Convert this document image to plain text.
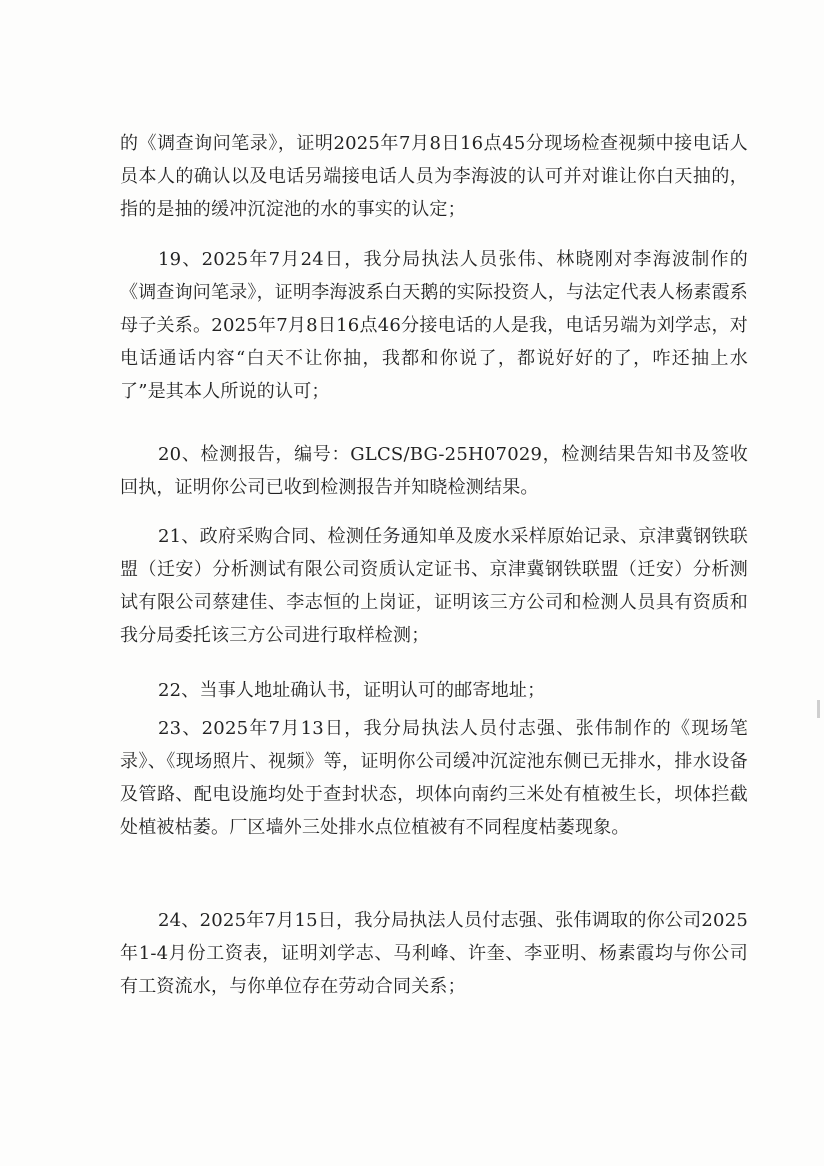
的《调查询问笔录》，证明2025年7月8日16点45分现场检查视频中接电话人员本人的确认以及电话另端接电话人员为李海波的认可并对谁让你白天抽的，指的是抽的缓冲沉淀池的水的事实的认定；

19、2025年7月24日，我分局执法人员张伟、林晓刚对李海波制作的《调查询问笔录》，证明李海波系白天鹅的实际投资人，与法定代表人杨素霞系母子关系。2025年7月8日16点46分接电话的人是我，电话另端为刘学志，对电话通话内容“白天不让你抽，我都和你说了，都说好好的了，咋还抽上水了”是其本人所说的认可；

20、检测报告，编号：GLCS/BG-25H07029，检测结果告知书及签收回执，证明你公司已收到检测报告并知晓检测结果。

21、政府采购合同、检测任务通知单及废水采样原始记录、京津冀钢铁联盟（迁安）分析测试有限公司资质认定证书、京津冀钢铁联盟（迁安）分析测试有限公司蔡建佳、李志恒的上岗证，证明该三方公司和检测人员具有资质和我分局委托该三方公司进行取样检测；

22、当事人地址确认书，证明认可的邮寄地址；

23、2025年7月13日，我分局执法人员付志强、张伟制作的《现场笔录》、《现场照片、视频》等，证明你公司缓冲沉淀池东侧已无排水，排水设备及管路、配电设施均处于查封状态，坝体向南约三米处有植被生长，坝体拦截处植被枯萎。厂区墙外三处排水点位植被有不同程度枯萎现象。

24、2025年7月15日，我分局执法人员付志强、张伟调取的你公司2025年1-4月份工资表，证明刘学志、马利峰、许奎、李亚明、杨素霞均与你公司有工资流水，与你单位存在劳动合同关系；
